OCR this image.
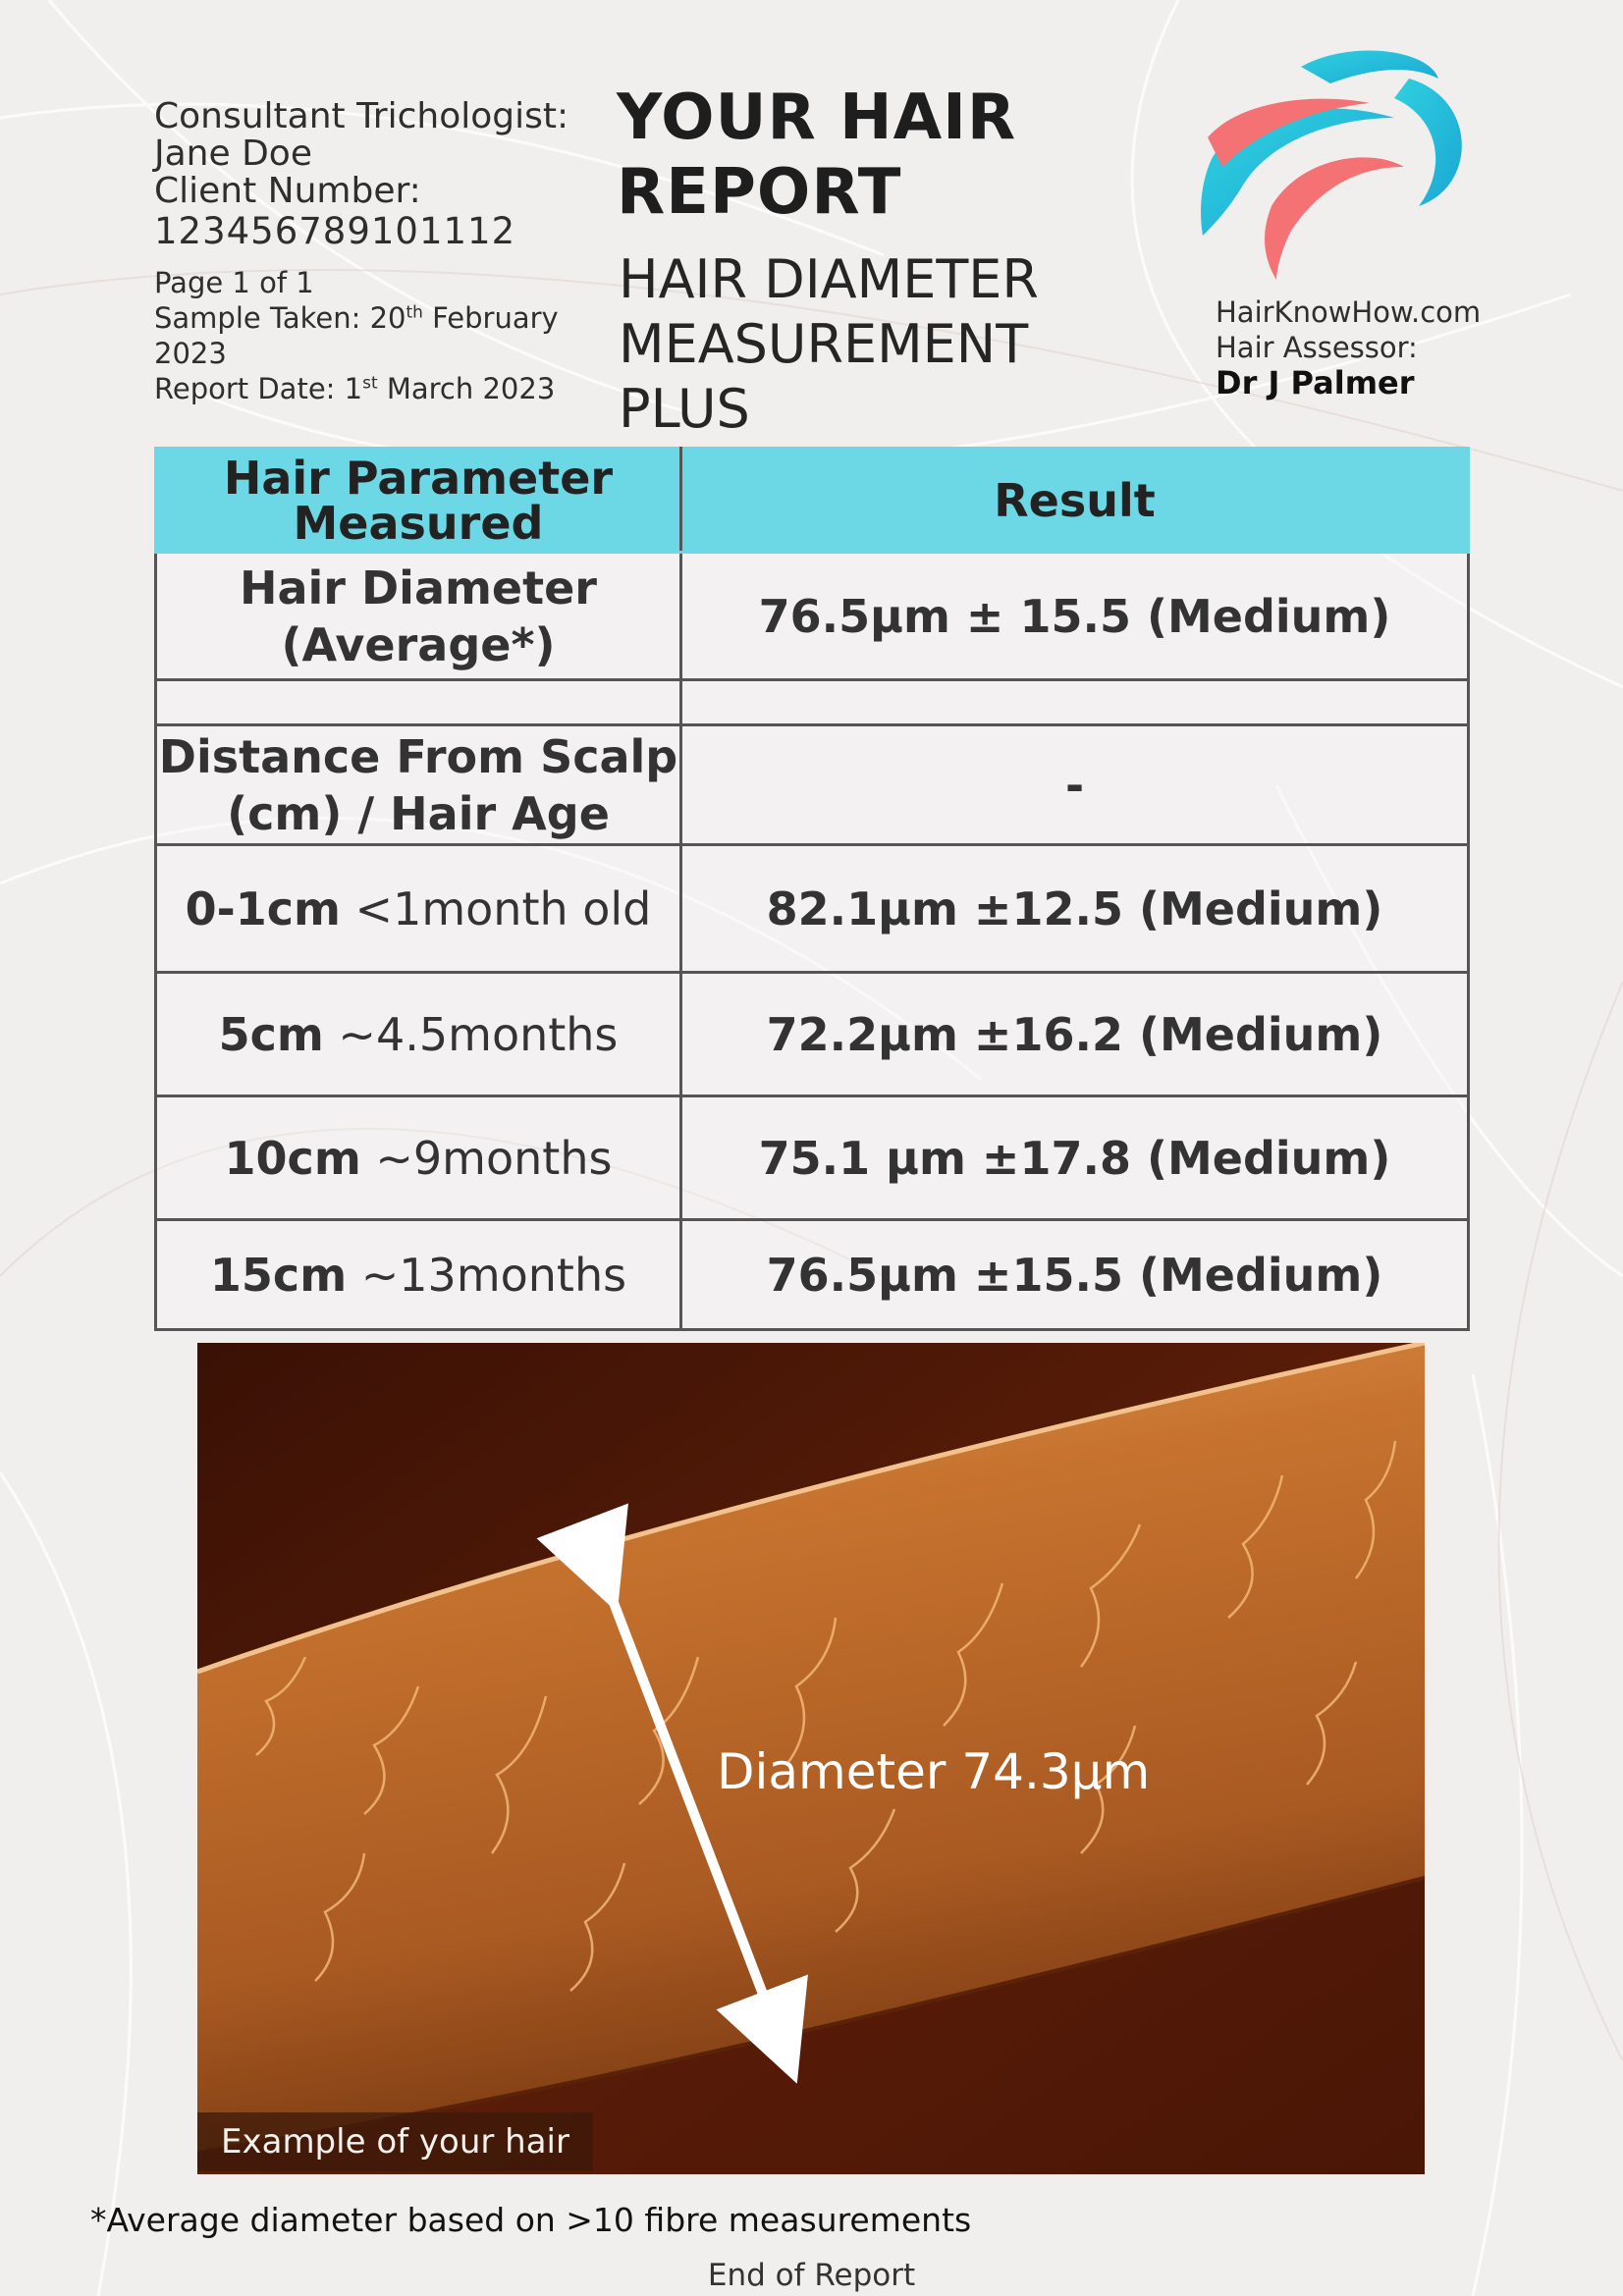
Consultant Trichologist:
Jane Doe
Client Number:
123456789101112
Page 1 of 1
Sample Taken: 20th February 2023
Report Date: 1st March 2023
YOUR HAIR
REPORT
HAIR DIAMETER
MEASUREMENT
PLUS
HairKnowHow.com
Hair Assessor:
Dr J Palmer
Hair Parameter
Measured	Result

Hair Diameter
(Average*)	76.5µm ± 15.5 (Medium)

Distance From Scalp
(cm) / Hair Age	-
0-1cm <1month old	82.1µm ±12.5 (Medium)
5cm ~4.5months	72.2µm ±16.2 (Medium)
10cm ~9months	75.1 µm ±17.8 (Medium)
15cm ~13months	76.5µm ±15.5 (Medium)
Diameter 74.3µm
Example of your hair
*Average diameter based on >10 fibre measurements
End of Report
